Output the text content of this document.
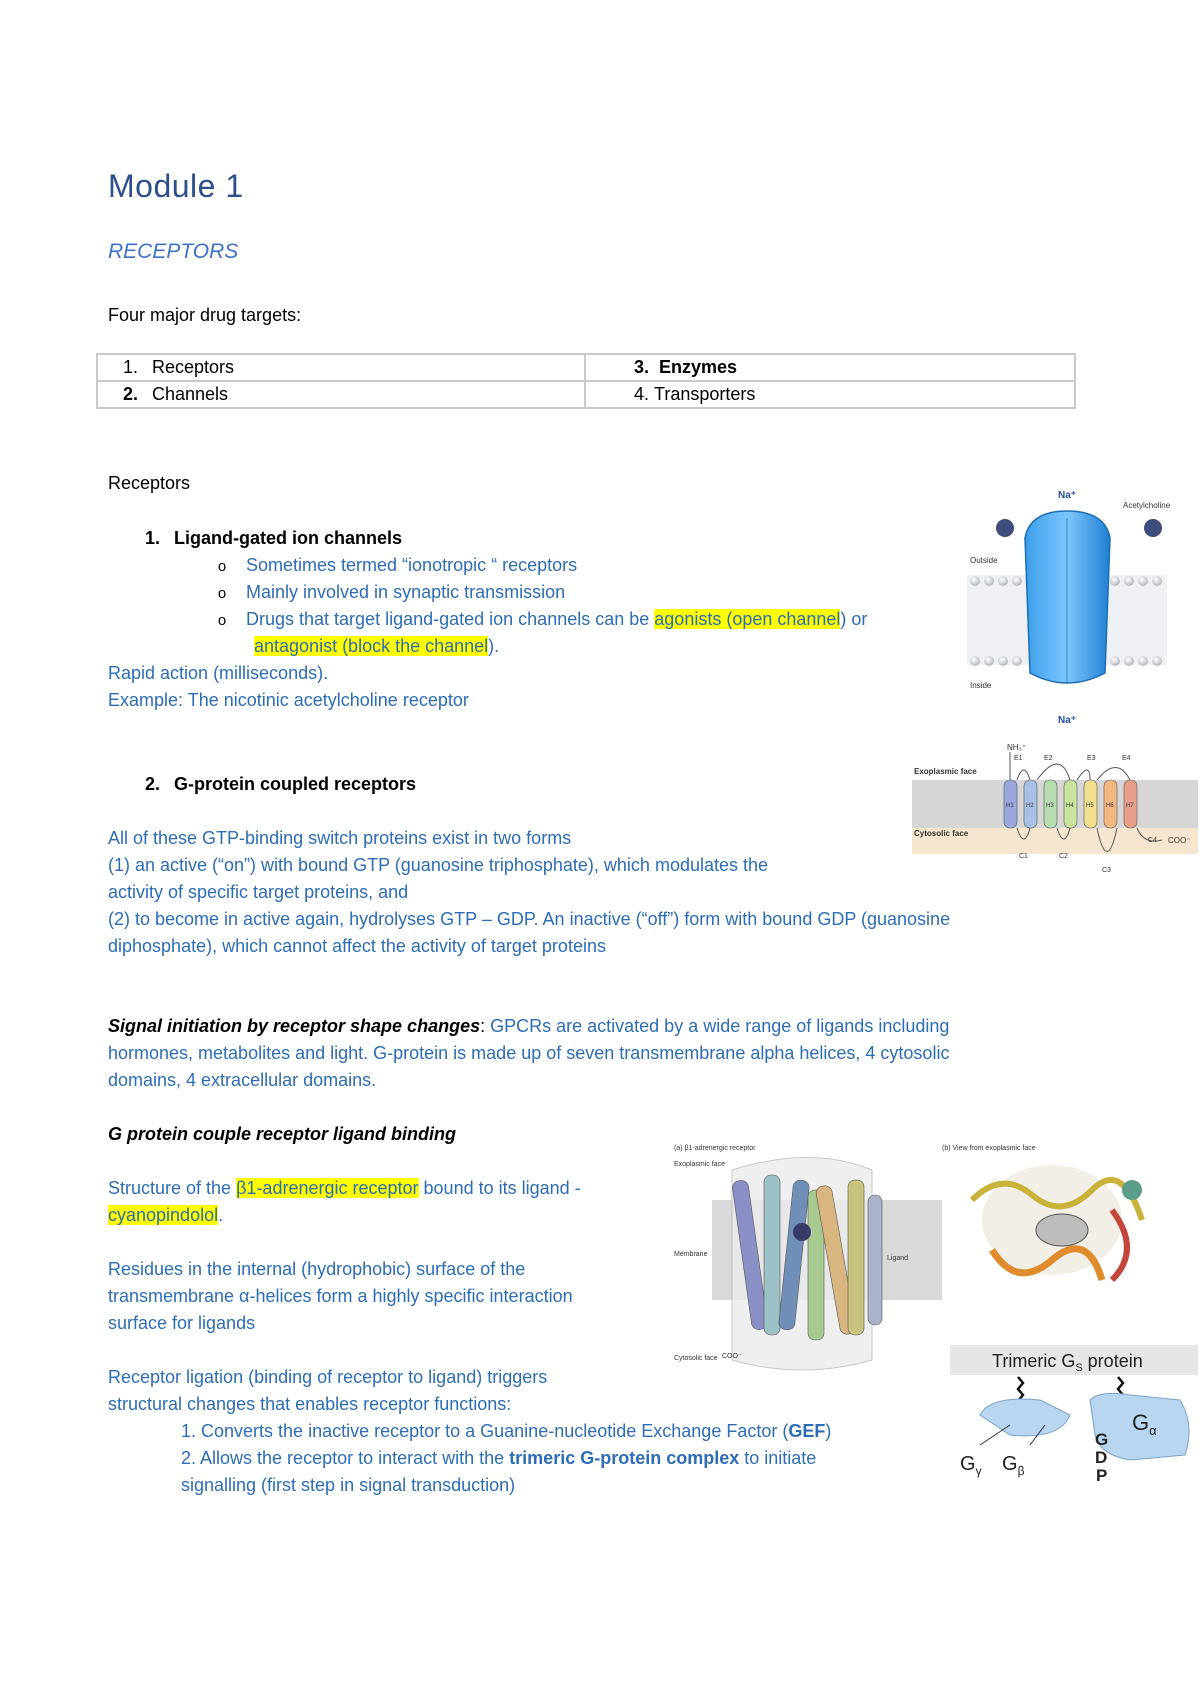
Module 1
RECEPTORS
Four major drug targets:
1. Receptors	3. Enzymes
2. Channels	4. Transporters
Receptors
1. Ligand-gated ion channels
o Sometimes termed “ionotropic “ receptors
o Mainly involved in synaptic transmission
o Drugs that target ligand-gated ion channels can be agonists (open channel) or
antagonist (block the channel).
Rapid action (milliseconds).
Example: The nicotinic acetylcholine receptor
Na⁺
Acetylcholine
Outside
Inside
Na⁺
2. G-protein coupled receptors
All of these GTP-binding switch proteins exist in two forms
(1) an active (“on”) with bound GTP (guanosine triphosphate), which modulates the
activity of specific target proteins, and
(2) to become in active again, hydrolyses GTP – GDP. An inactive (“off”) form with bound GDP (guanosine
diphosphate), which cannot affect the activity of target proteins
Exoplasmic face
Cytosolic face
NH₃⁺
COO⁻
E1	E2	E3	E4
C1	C2
C3
C4
H1 H2 H3 H4 H5 H6 H7
Signal initiation by receptor shape changes: GPCRs are activated by a wide range of ligands including
hormones, metabolites and light. G-protein is made up of seven transmembrane alpha helices, 4 cytosolic
domains, 4 extracellular domains.
G protein couple receptor ligand binding
Structure of the β1-adrenergic receptor bound to its ligand -
cyanopindolol.
Residues in the internal (hydrophobic) surface of the
transmembrane α-helices form a highly specific interaction
surface for ligands
Receptor ligation (binding of receptor to ligand) triggers
structural changes that enables receptor functions:
1. Converts the inactive receptor to a Guanine-nucleotide Exchange Factor (GEF)
2. Allows the receptor to interact with the trimeric G-protein complex to initiate
signalling (first step in signal transduction)
(a) β1-adrenergic receptor	(b) View from exoplasmic face
Exoplasmic face
Membrane
Cytosolic face
Ligand
COO⁻	Trimeric $G_S$ protein
$G_\gamma$ $G_\beta$
$G_\alpha$
G
D
P
